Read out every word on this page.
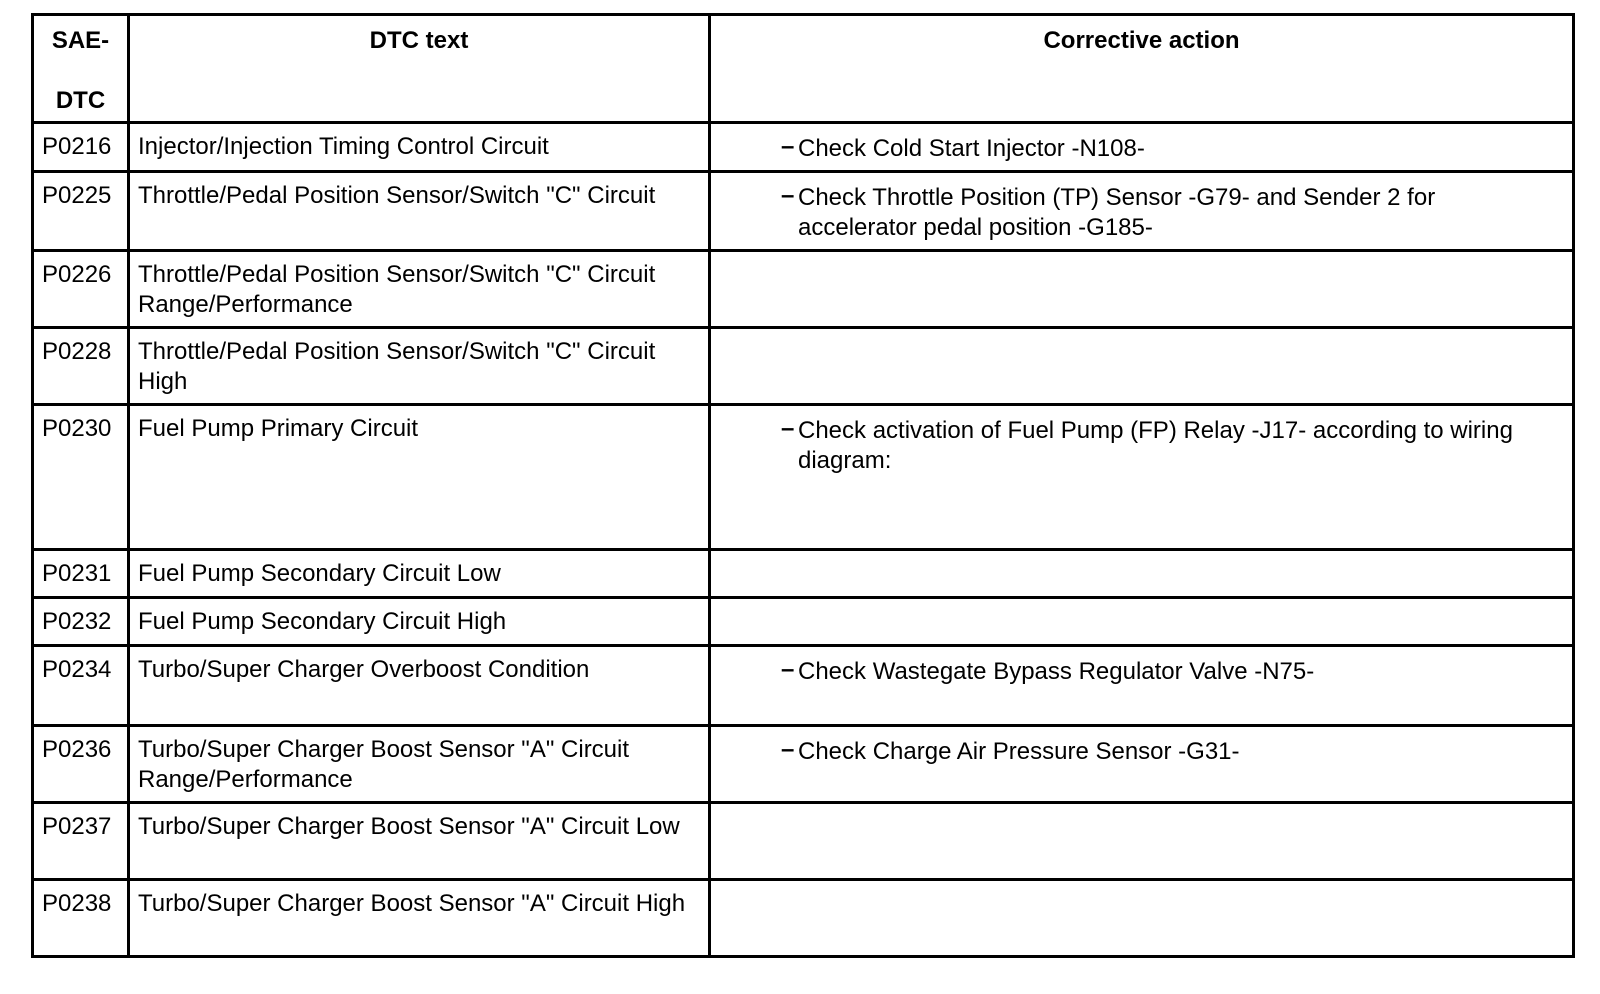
SAE-
DTC	DTC text	Corrective action

P0216	Injector/Injection Timing Control Circuit	– Check Cold Start Injector -N108-

P0225	Throttle/Pedal Position Sensor/Switch "C" Circuit	– Check Throttle Position (TP) Sensor -G79- and Sender 2 for accelerator pedal position -G185-

P0226	Throttle/Pedal Position Sensor/Switch "C" Circuit Range/Performance	

P0228	Throttle/Pedal Position Sensor/Switch "C" Circuit High	

P0230	Fuel Pump Primary Circuit	– Check activation of Fuel Pump (FP) Relay -J17- according to wiring diagram:

P0231	Fuel Pump Secondary Circuit Low	

P0232	Fuel Pump Secondary Circuit High	

P0234	Turbo/Super Charger Overboost Condition	– Check Wastegate Bypass Regulator Valve -N75-

P0236	Turbo/Super Charger Boost Sensor "A" Circuit Range/Performance	– Check Charge Air Pressure Sensor -G31-

P0237	Turbo/Super Charger Boost Sensor "A" Circuit Low	

P0238	Turbo/Super Charger Boost Sensor "A" Circuit High	
